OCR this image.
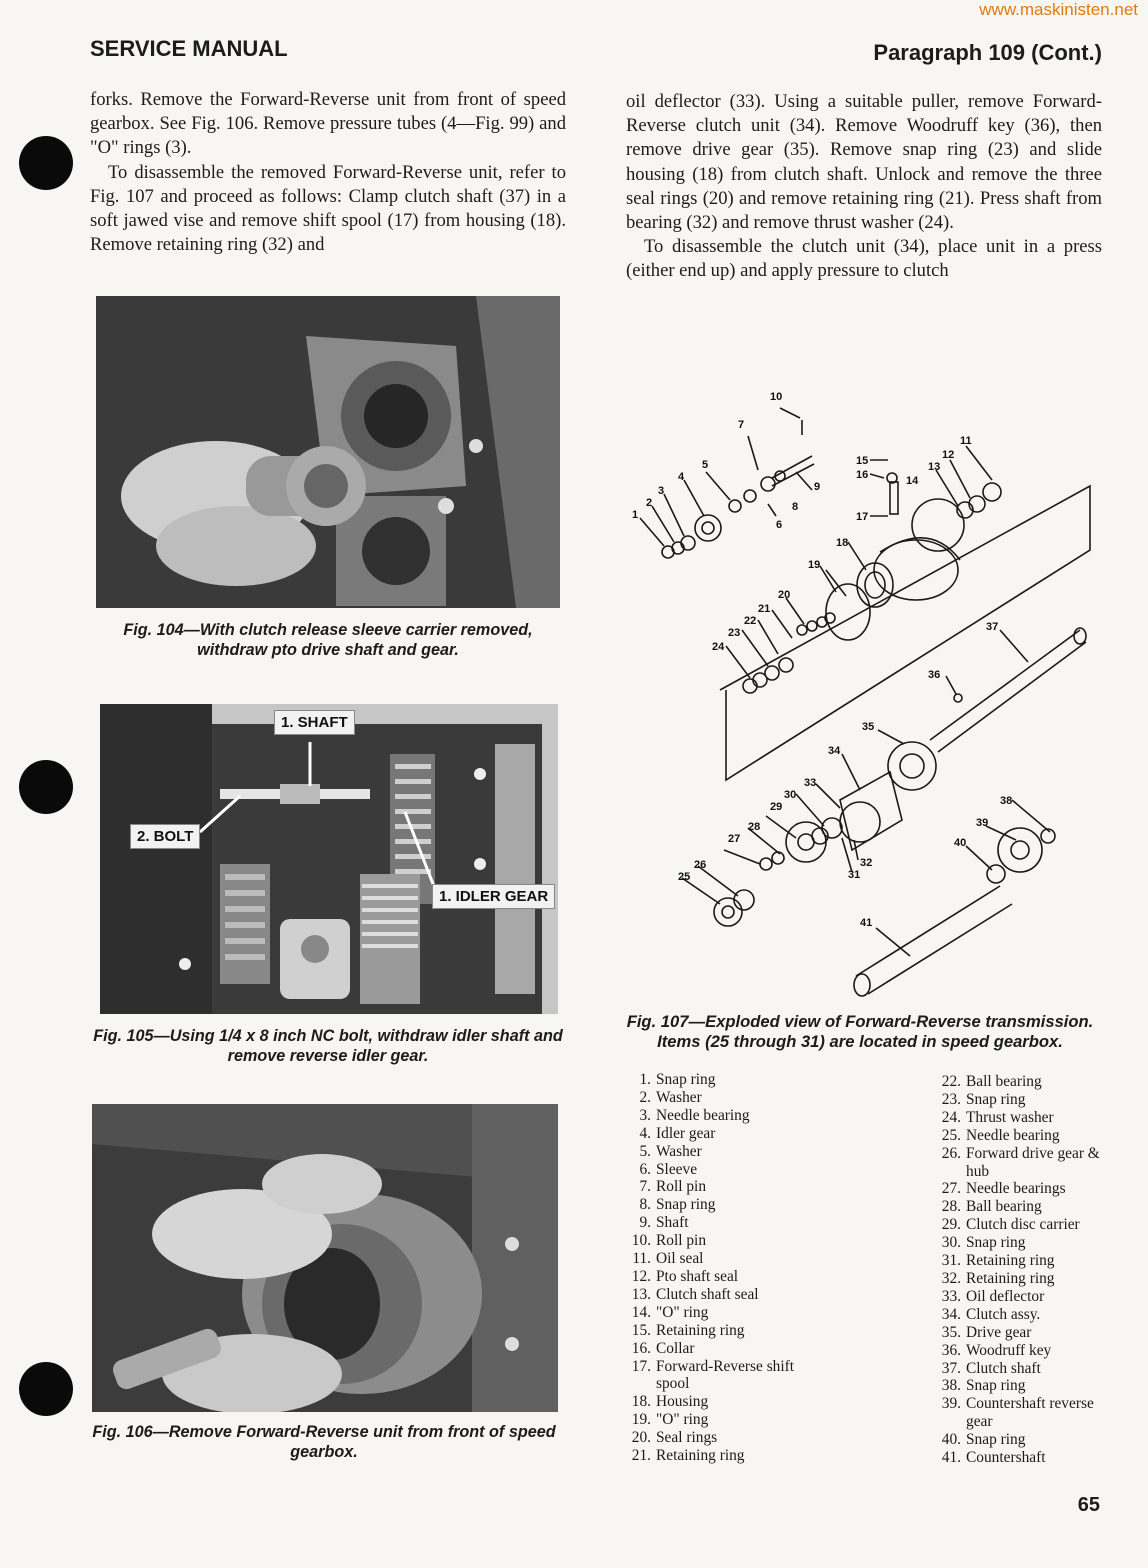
www.maskinisten.net
SERVICE MANUAL	Paragraph 109 (Cont.)

forks. Remove the Forward-Reverse unit from front of speed gearbox. See Fig. 106. Remove pressure tubes (4—Fig. 99) and "O" rings (3).

To disassemble the removed Forward-Reverse unit, refer to Fig. 107 and proceed as follows: Clamp clutch shaft (37) in a soft jawed vise and remove shift spool (17) from housing (18). Remove retaining ring (32) and

oil deflector (33). Using a suitable puller, remove Forward-Reverse clutch unit (34). Remove Woodruff key (36), then remove drive gear (35). Remove snap ring (23) and slide housing (18) from clutch shaft. Unlock and remove the three seal rings (20) and remove retaining ring (21). Press shaft from bearing (32) and remove thrust washer (24).

To disassemble the clutch unit (34), place unit in a press (either end up) and apply pressure to clutch

Fig. 104—With clutch release sleeve carrier removed, withdraw pto drive shaft and gear.
1. SHAFT
2. BOLT
1. IDLER GEAR
Fig. 105—Using 1/4 x 8 inch NC bolt, withdraw idler shaft and remove reverse idler gear.
Fig. 106—Remove Forward-Reverse unit from front of speed gearbox.
1
2
3
4
5
6
7
8
9
10
11
12
13
14
15
16
17
18
19
20
21
22
23
24
25
26
27
28
29
30
31
32
33
34
35
36
37
38
39
40
41
Fig. 107—Exploded view of Forward-Reverse transmission. Items (25 through 31) are located in speed gearbox.
1. Snap ring
2. Washer
3. Needle bearing
4. Idler gear
5. Washer
6. Sleeve
7. Roll pin
8. Snap ring
9. Shaft
10. Roll pin
11. Oil seal
12. Pto shaft seal
13. Clutch shaft seal
14. "O" ring
15. Retaining ring
16. Collar
17. Forward-Reverse shift spool
18. Housing
19. "O" ring
20. Seal rings
21. Retaining ring
22. Ball bearing
23. Snap ring
24. Thrust washer
25. Needle bearing
26. Forward drive gear & hub
27. Needle bearings
28. Ball bearing
29. Clutch disc carrier
30. Snap ring
31. Retaining ring
32. Retaining ring
33. Oil deflector
34. Clutch assy.
35. Drive gear
36. Woodruff key
37. Clutch shaft
38. Snap ring
39. Countershaft reverse gear
40. Snap ring
41. Countershaft
65
